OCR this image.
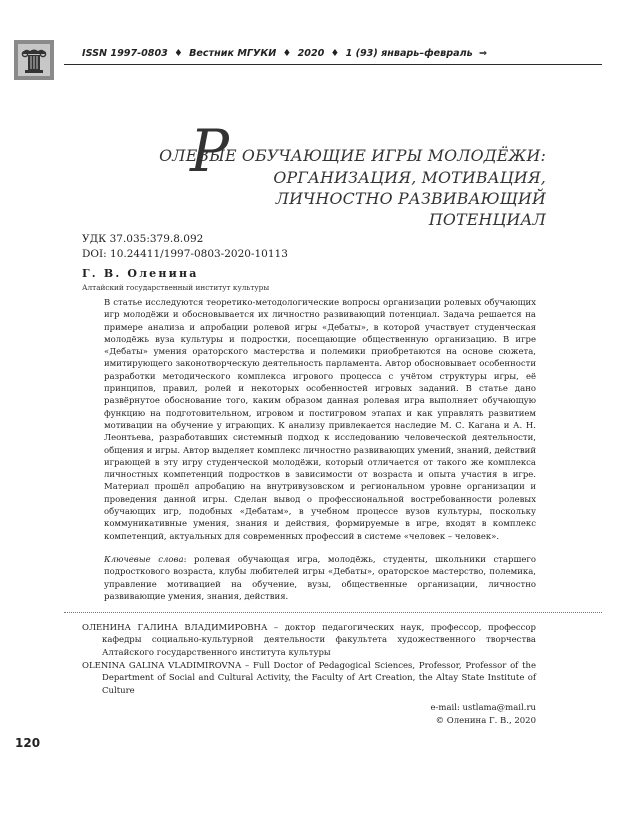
ISSN 1997-0803 ♦ Вестник МГУКИ ♦ 2020 ♦ 1 (93) январь–февраль ⇒
Р
ОЛЕВЫЕ ОБУЧАЮЩИЕ ИГРЫ МОЛОДЁЖИ:
ОРГАНИЗАЦИЯ, МОТИВАЦИЯ,
ЛИЧНОСТНО РАЗВИВАЮЩИЙ
ПОТЕНЦИАЛ
УДК 37.035:379.8.092
DOI: 10.24411/1997-0803-2020-10113
Г. В. Оленина
Алтайский государственный институт культуры

В статье исследуются теоретико-методологические вопросы организации ролевых обучающих игр молодёжи и обосновывается их личностно развивающий потенциал. Задача решается на примере анализа и апробации ролевой игры «Дебаты», в которой участвует студенческая молодёжь вуза культуры и подростки, посещающие общественную организацию. В игре «Дебаты» умения ораторского мастерства и полемики приобретаются на основе сюжета, имитирующего законотворческую деятельность парламента. Автор обосновывает особенности разработки методического комплекса игрового процесса с учётом структуры игры, её принципов, правил, ролей и некоторых особенностей игровых заданий. В статье дано развёрнутое обоснование того, каким образом данная ролевая игра выполняет обучающую функцию на подготовительном, игровом и постигровом этапах и как управлять развитием мотивации на обучение у играющих. К анализу привлекается наследие М. С. Кагана и А. Н. Леонтьева, разработавших системный подход к исследованию человеческой деятельности, общения и игры. Автор выделяет комплекс личностно развивающих умений, знаний, действий играющей в эту игру студенческой молодёжи, который отличается от такого же комплекса личностных компетенций подростков в зависимости от возраста и опыта участия в игре. Материал прошёл апробацию на внутривузовском и региональном уровне организации и проведения данной игры. Сделан вывод о профессиональной востребованности ролевых обучающих игр, подобных «Дебатам», в учебном процессе вузов культуры, поскольку коммуникативные умения, знания и действия, формируемые в игре, входят в комплекс компетенций, актуальных для современных профессий в системе «человек – человек».

Ключевые слова: ролевая обучающая игра, молодёжь, студенты, школьники старшего подросткового возраста, клубы любителей игры «Дебаты», ораторское мастерство, полемика, управление мотивацией на обучение, вузы, общественные организации, личностно развивающие умения, знания, действия.

ОЛЕНИНА ГАЛИНА ВЛАДИМИРОВНА – доктор педагогических наук, профессор, профессор кафедры социально-культурной деятельности факультета художественного творчества Алтайского государственного института культуры
OLENINA GALINA VLADIMIROVNA – Full Doctor of Pedagogical Sciences, Professor, Professor of the Department of Social and Cultural Activity, the Faculty of Art Creation, the Altay State Institute of Culture
e-mail: ustlama@mail.ru
© Оленина Г. В., 2020
120
